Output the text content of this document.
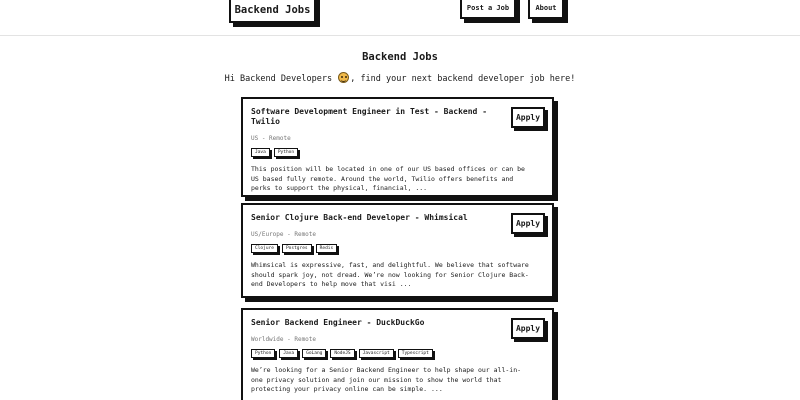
Backend Jobs	Post a Job	About
Backend Jobs

Hi Backend Developers , find your next backend developer job here!

Software Development Engineer in Test - Backend - Twilio
US - Remote
Java	Python
This position will be located in one of our US based offices or can be US based fully remote. Around the world, Twilio offers benefits and perks to support the physical, financial, ...
Apply
Senior Clojure Back-end Developer - Whimsical
US/Europe - Remote
Clojure	Postgres	Redis
Whimsical is expressive, fast, and delightful. We believe that software should spark joy, not dread. We’re now looking for Senior Clojure Back-end Developers to help move that visi ...
Apply
Senior Backend Engineer - DuckDuckGo
Worldwide - Remote
Python	Java	GoLang	NodeJS	Javascript	Typescript
We’re looking for a Senior Backend Engineer to help shape our all-in-one privacy solution and join our mission to show the world that protecting your privacy online can be simple. ...
Apply
